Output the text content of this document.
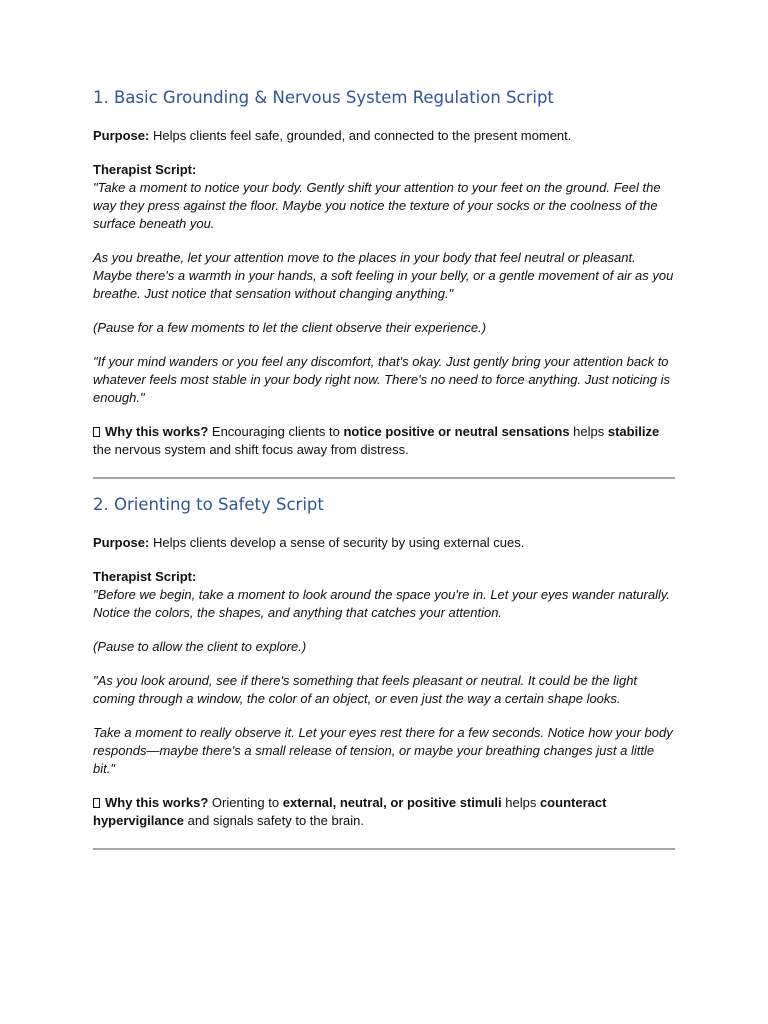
1. Basic Grounding & Nervous System Regulation Script

Purpose: Helps clients feel safe, grounded, and connected to the present moment.

Therapist Script:

"Take a moment to notice your body. Gently shift your attention to your feet on the ground. Feel the way they press against the floor. Maybe you notice the texture of your socks or the coolness of the surface beneath you.

As you breathe, let your attention move to the places in your body that feel neutral or pleasant. Maybe there's a warmth in your hands, a soft feeling in your belly, or a gentle movement of air as you breathe. Just notice that sensation without changing anything."

(Pause for a few moments to let the client observe their experience.)

"If your mind wanders or you feel any discomfort, that's okay. Just gently bring your attention back to whatever feels most stable in your body right now. There's no need to force anything. Just noticing is enough."

Why this works? Encouraging clients to notice positive or neutral sensations helps stabilize the nervous system and shift focus away from distress.

2. Orienting to Safety Script

Purpose: Helps clients develop a sense of security by using external cues.

Therapist Script:

"Before we begin, take a moment to look around the space you're in. Let your eyes wander naturally. Notice the colors, the shapes, and anything that catches your attention.

(Pause to allow the client to explore.)

"As you look around, see if there's something that feels pleasant or neutral. It could be the light coming through a window, the color of an object, or even just the way a certain shape looks.

Take a moment to really observe it. Let your eyes rest there for a few seconds. Notice how your body responds—maybe there's a small release of tension, or maybe your breathing changes just a little bit."

Why this works? Orienting to external, neutral, or positive stimuli helps counteract hypervigilance and signals safety to the brain.
